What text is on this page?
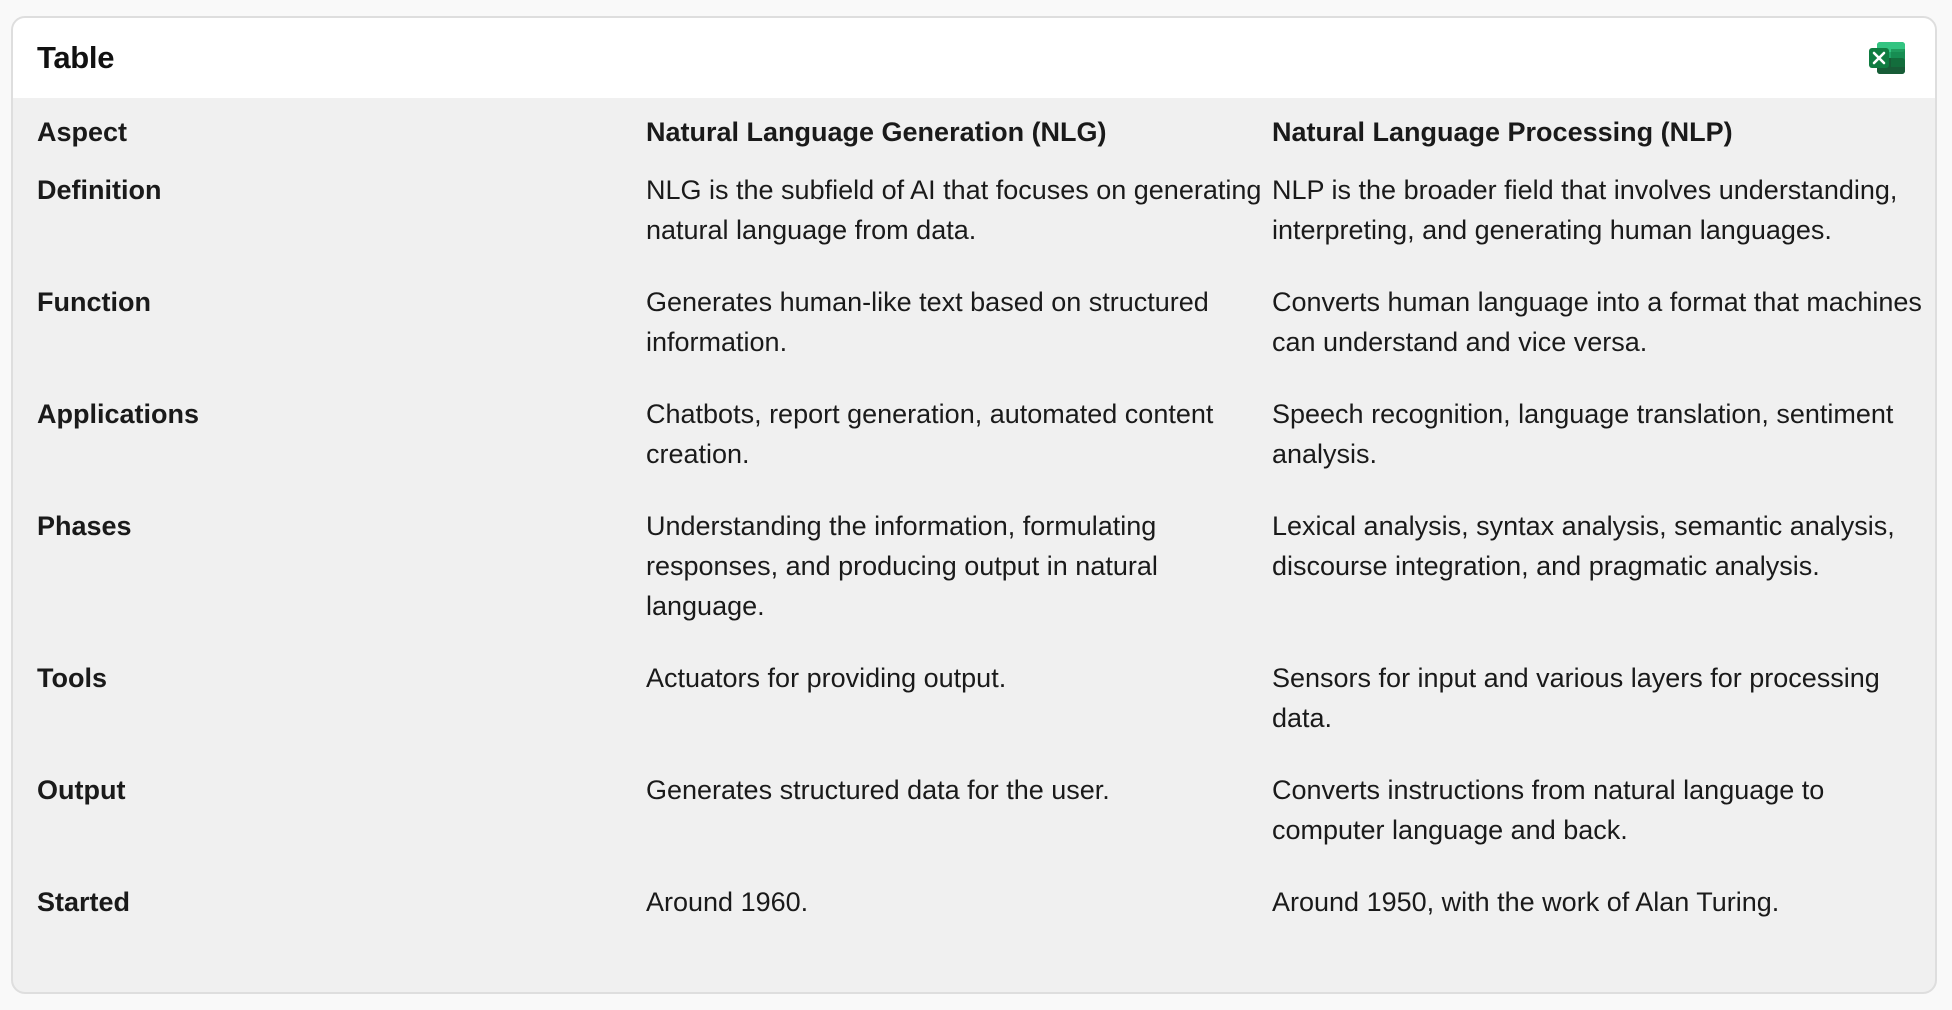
Table
Aspect	Natural Language Generation (NLG)	Natural Language Processing (NLP)
Definition	NLG is the subfield of AI that focuses on generating natural language from data.	NLP is the broader field that involves understanding, interpreting, and generating human languages.
Function	Generates human-like text based on structured information.	Converts human language into a format that machines can understand and vice versa.
Applications	Chatbots, report generation, automated content creation.	Speech recognition, language translation, sentiment analysis.
Phases	Understanding the information, formulating responses, and producing output in natural language.	Lexical analysis, syntax analysis, semantic analysis, discourse integration, and pragmatic analysis.
Tools	Actuators for providing output.	Sensors for input and various layers for processing data.
Output	Generates structured data for the user.	Converts instructions from natural language to computer language and back.
Started	Around 1960.	Around 1950, with the work of Alan Turing.
